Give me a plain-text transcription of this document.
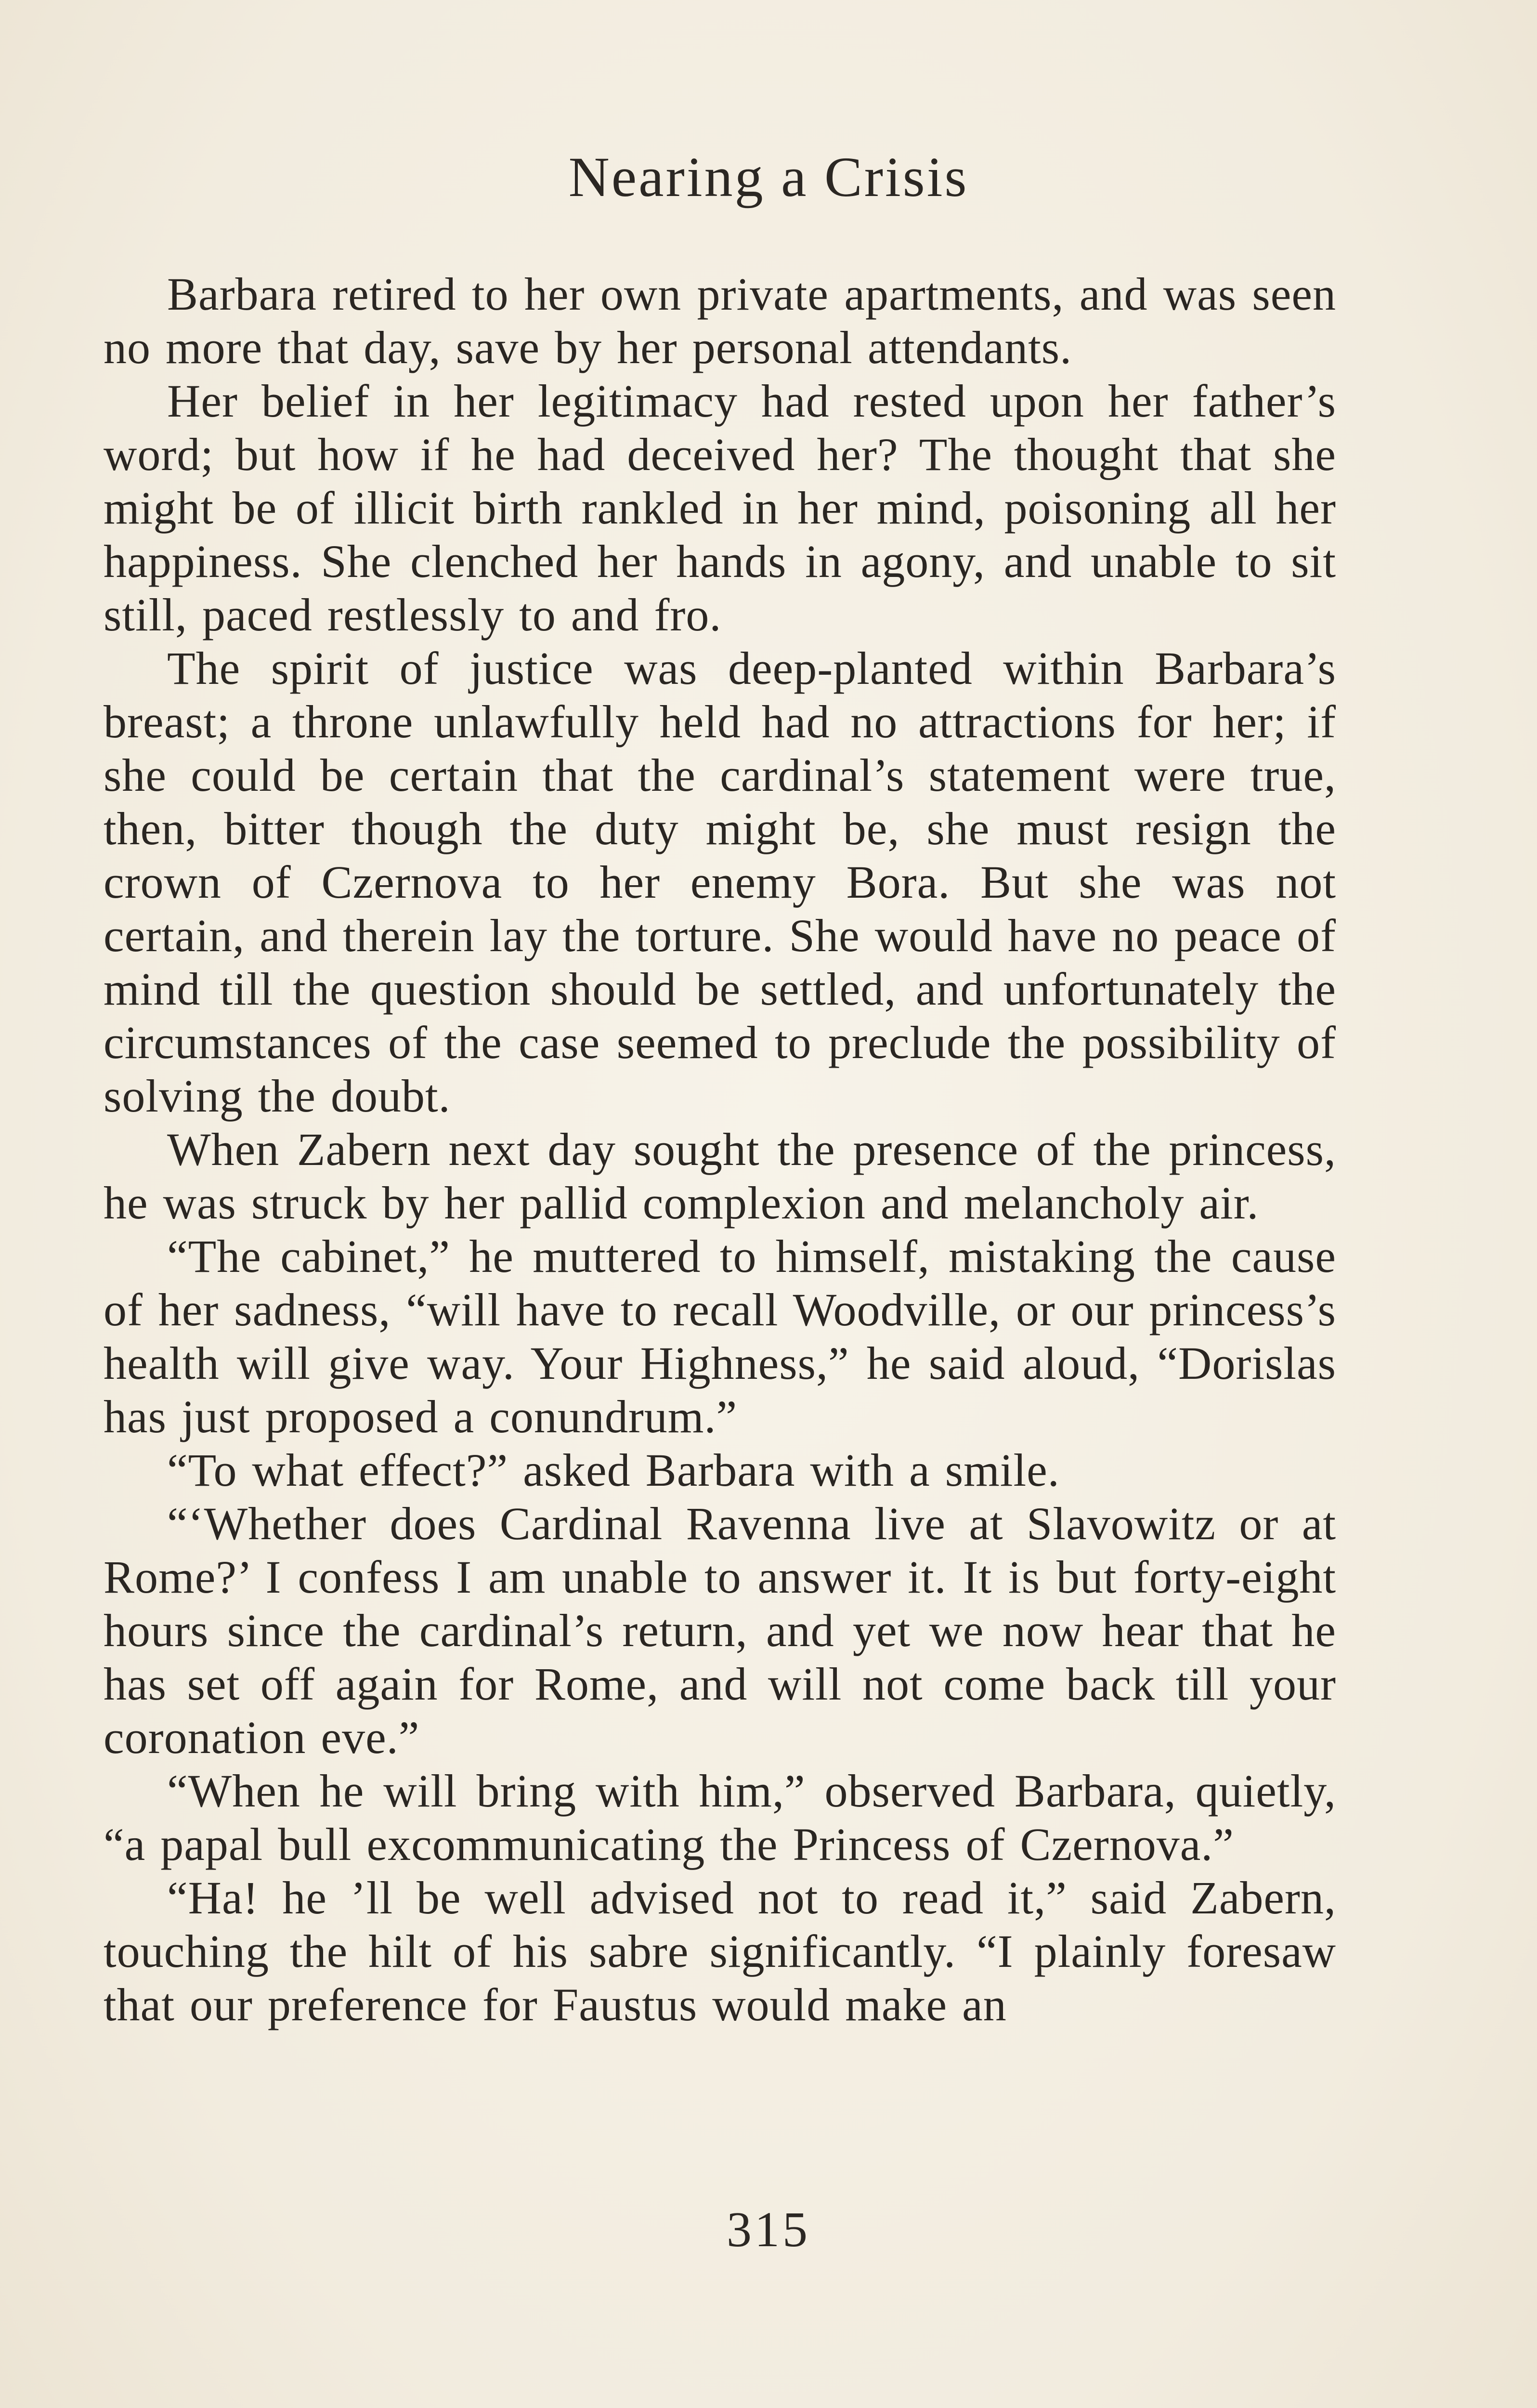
Nearing a Crisis

Barbara retired to her own private apartments, and was seen no more that day, save by her personal attendants.

Her belief in her legitimacy had rested upon her father’s word; but how if he had deceived her? The thought that she might be of illicit birth rankled in her mind, poisoning all her happiness. She clenched her hands in agony, and unable to sit still, paced restlessly to and fro.

The spirit of justice was deep-planted within Barbara’s breast; a throne unlawfully held had no attractions for her; if she could be certain that the cardinal’s statement were true, then, bitter though the duty might be, she must resign the crown of Czernova to her enemy Bora. But she was not certain, and therein lay the torture. She would have no peace of mind till the question should be settled, and unfortunately the circumstances of the case seemed to preclude the possibility of solving the doubt.

When Zabern next day sought the presence of the princess, he was struck by her pallid complexion and melancholy air.

“The cabinet,” he muttered to himself, mistaking the cause of her sadness, “will have to recall Woodville, or our princess’s health will give way. Your Highness,” he said aloud, “Dorislas has just proposed a conundrum.”

“To what effect?” asked Barbara with a smile.

“‘Whether does Cardinal Ravenna live at Slavowitz or at Rome?’ I confess I am unable to answer it. It is but forty-eight hours since the cardinal’s return, and yet we now hear that he has set off again for Rome, and will not come back till your coronation eve.”

“When he will bring with him,” observed Barbara, quietly, “a papal bull excommunicating the Princess of Czernova.”

“Ha! he ’ll be well advised not to read it,” said Zabern, touching the hilt of his sabre significantly. “I plainly foresaw that our preference for Faustus would make an

315
